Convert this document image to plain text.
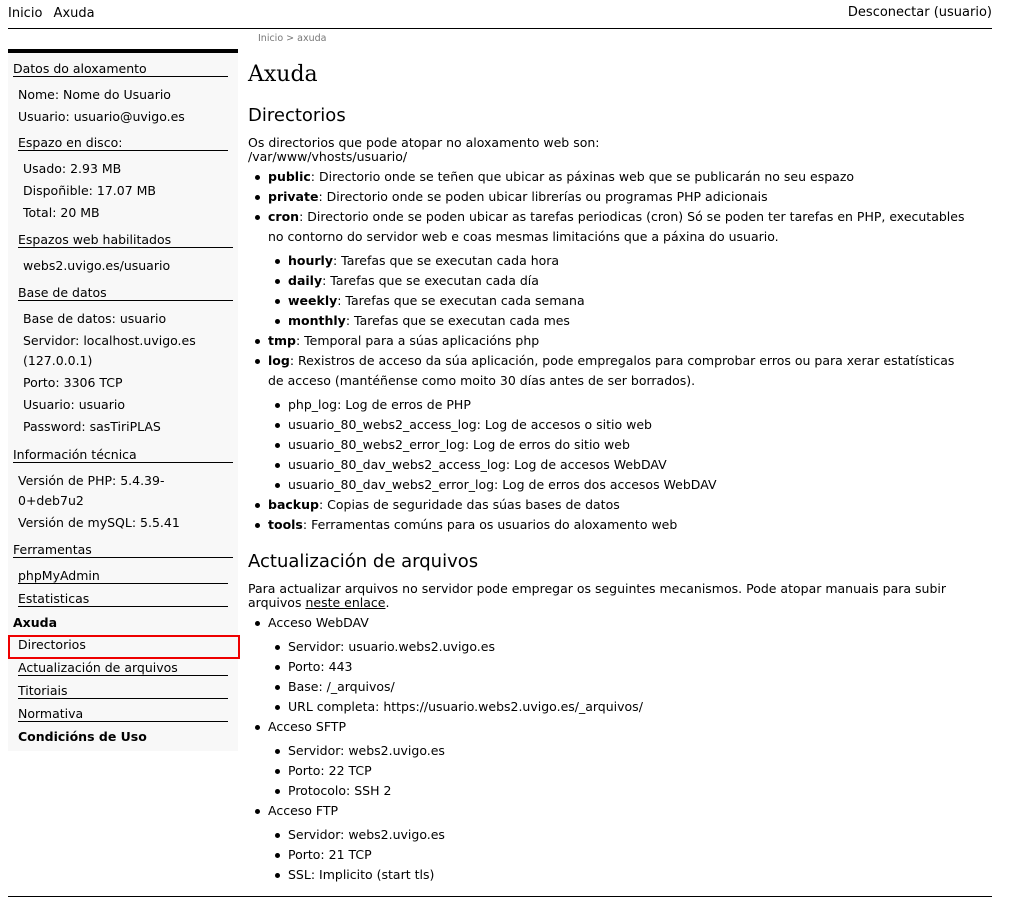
Inicio Axuda	Desconectar (usuario)
Inicio > axuda
Datos do aloxamento
Nome: Nome do Usuario
Usuario: usuario@uvigo.es
Espazo en disco:
Usado: 2.93 MB
Dispoñible: 17.07 MB
Total: 20 MB
Espazos web habilitados
webs2.uvigo.es/usuario
Base de datos
Base de datos: usuario
Servidor: localhost.uvigo.es
(127.0.0.1)
Porto: 3306 TCP
Usuario: usuario
Password: sasTiriPLAS
Información técnica
Versión de PHP: 5.4.39-
0+deb7u2
Versión de mySQL: 5.5.41
Ferramentas
phpMyAdmin
Estatisticas
Axuda
Directorios
Actualización de arquivos
Titoriais
Normativa
Condicións de Uso
Axuda
Directorios
Os directorios que pode atopar no aloxamento web son:
/var/www/vhosts/usuario/
public: Directorio onde se teñen que ubicar as páxinas web que se publicarán no seu espazo
private: Directorio onde se poden ubicar librerías ou programas PHP adicionais
cron: Directorio onde se poden ubicar as tarefas periodicas (cron) Só se poden ter tarefas en PHP, executables
no contorno do servidor web e coas mesmas limitacións que a páxina do usuario.
hourly: Tarefas que se executan cada hora
daily: Tarefas que se executan cada día
weekly: Tarefas que se executan cada semana
monthly: Tarefas que se executan cada mes
tmp: Temporal para a súas aplicacións php
log: Rexistros de acceso da súa aplicación, pode empregalos para comprobar erros ou para xerar estatísticas
de acceso (mantéñense como moito 30 días antes de ser borrados).
php_log: Log de erros de PHP
usuario_80_webs2_access_log: Log de accesos o sitio web
usuario_80_webs2_error_log: Log de erros do sitio web
usuario_80_dav_webs2_access_log: Log de accesos WebDAV
usuario_80_dav_webs2_error_log: Log de erros dos accesos WebDAV
backup: Copias de seguridade das súas bases de datos
tools: Ferramentas comúns para os usuarios do aloxamento web
Actualización de arquivos
Para actualizar arquivos no servidor pode empregar os seguintes mecanismos. Pode atopar manuais para subir
arquivos neste enlace.
Acceso WebDAV
Servidor: usuario.webs2.uvigo.es
Porto: 443
Base: /_arquivos/
URL completa: https://usuario.webs2.uvigo.es/_arquivos/
Acceso SFTP
Servidor: webs2.uvigo.es
Porto: 22 TCP
Protocolo: SSH 2
Acceso FTP
Servidor: webs2.uvigo.es
Porto: 21 TCP
SSL: Implicito (start tls)
